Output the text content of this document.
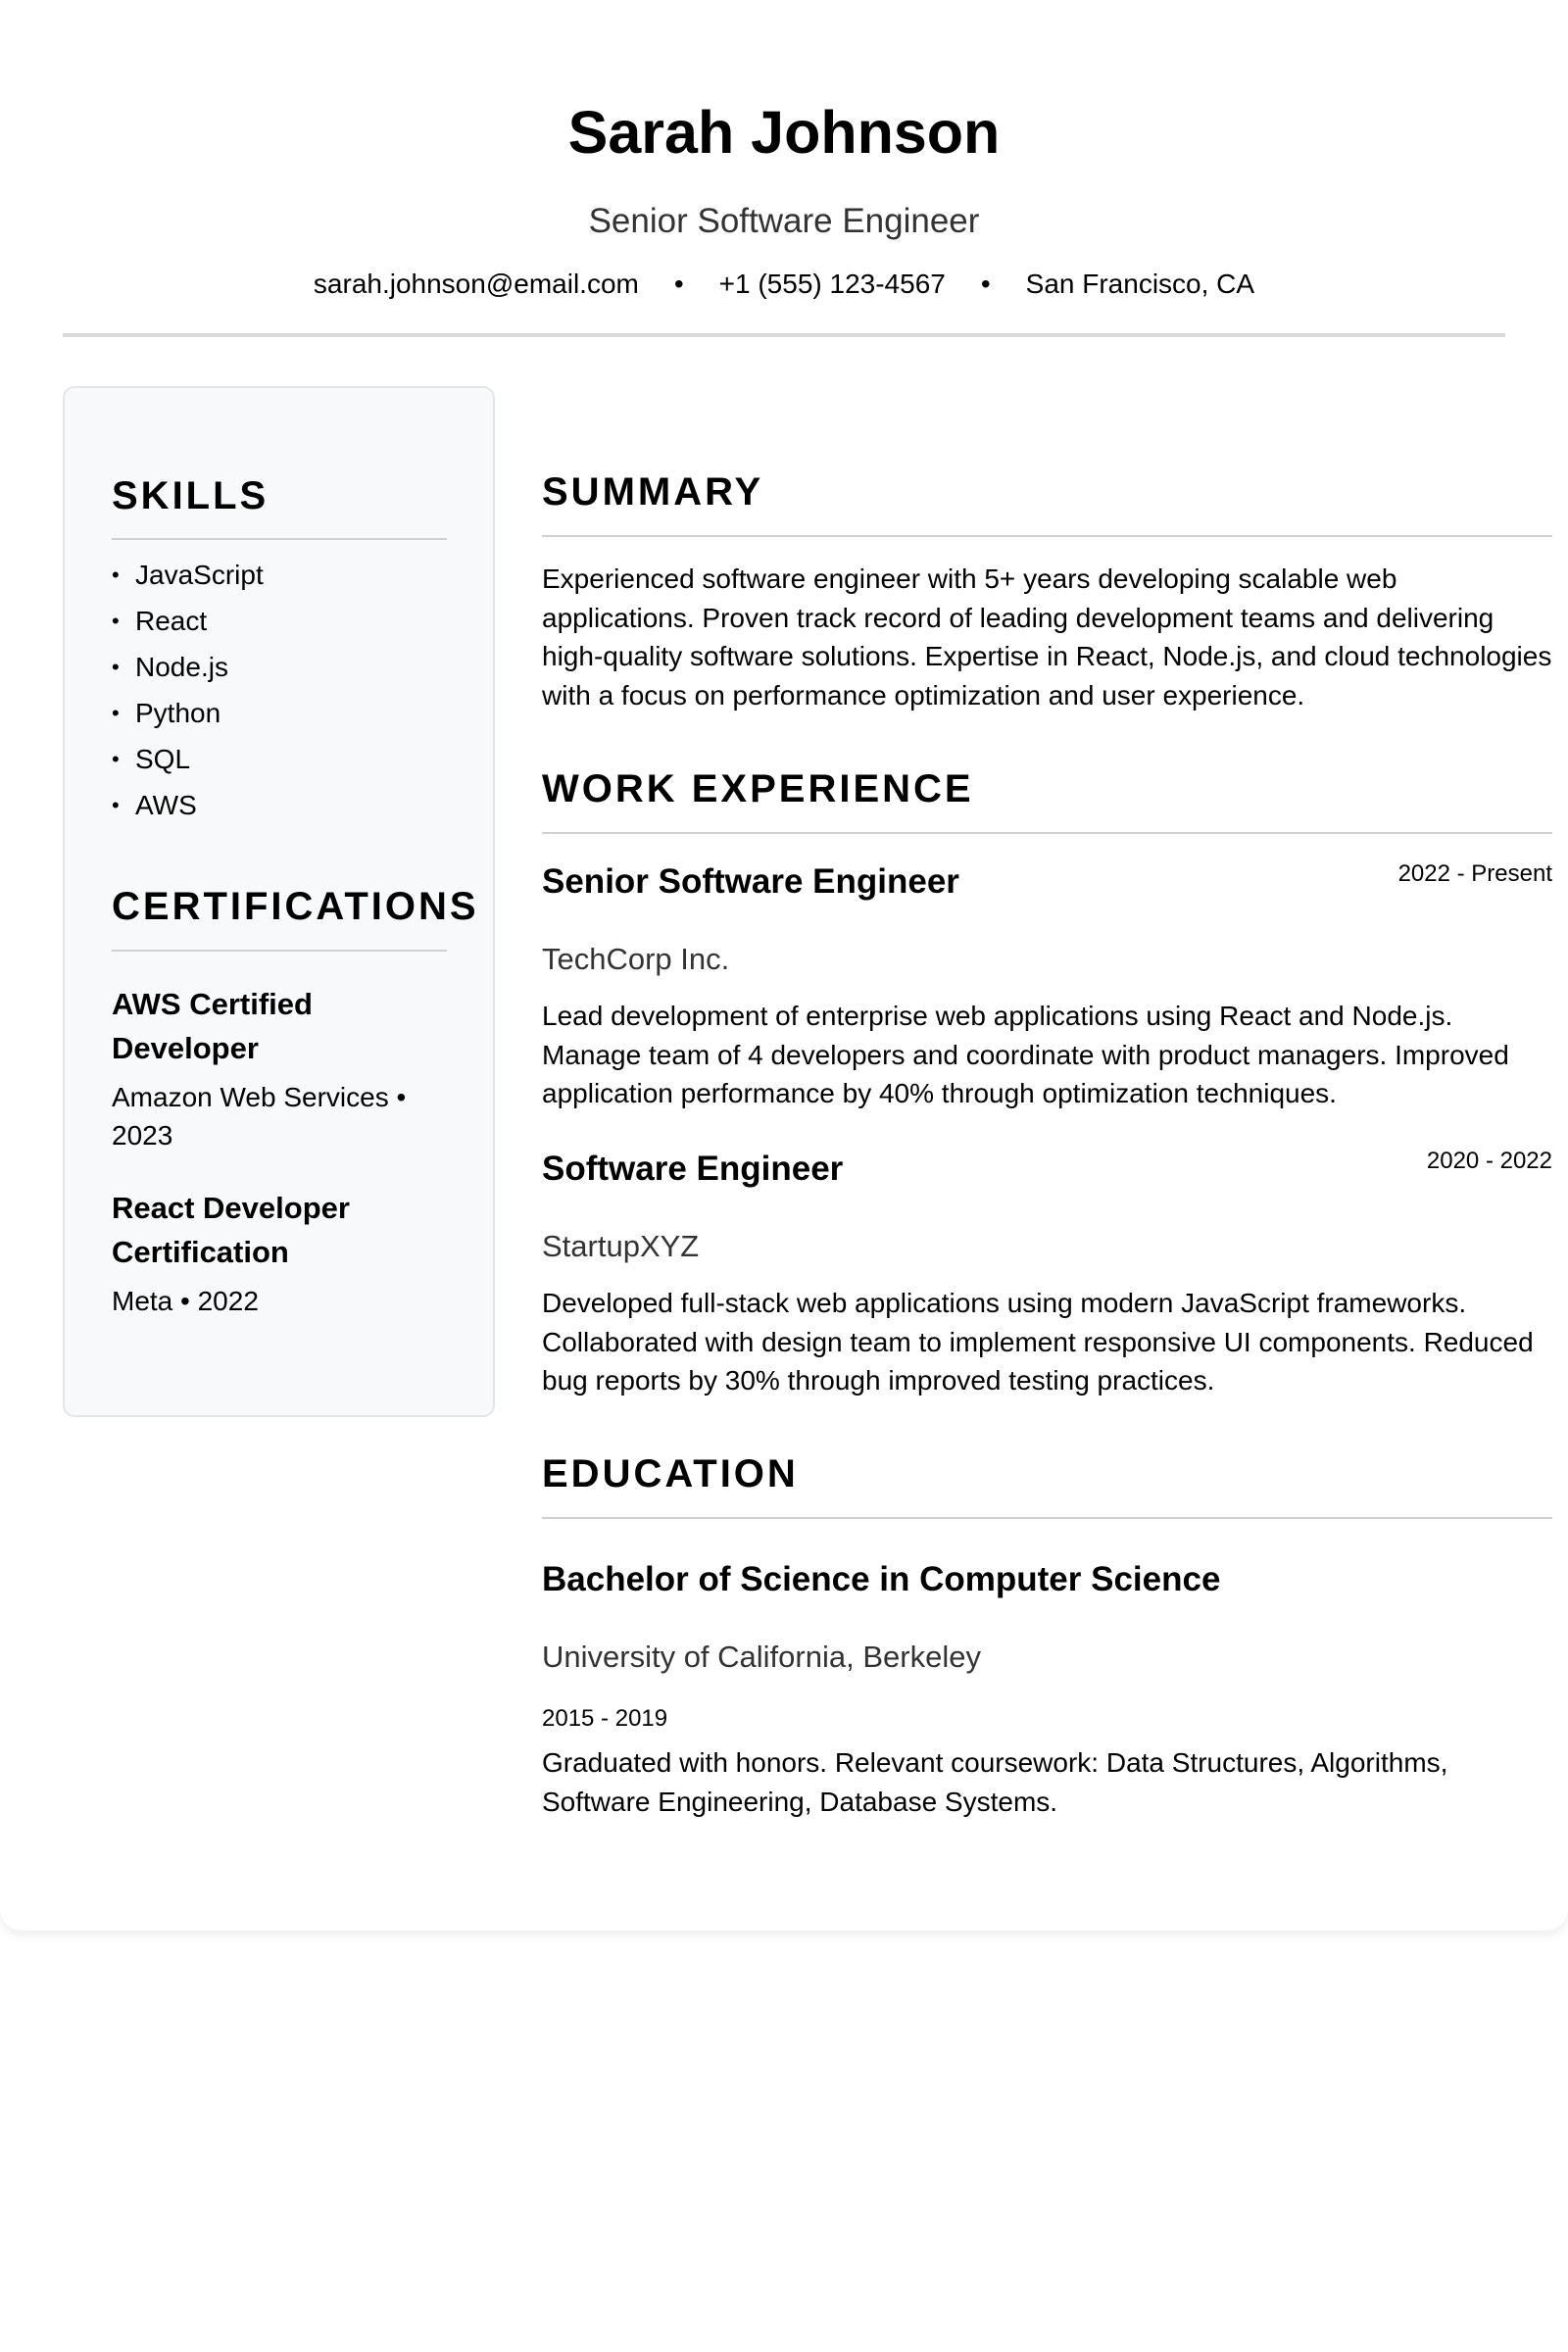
Sarah Johnson
Senior Software Engineer
sarah.johnson@email.com • +1 (555) 123-4567 • San Francisco, CA
SKILLS
• JavaScript
• React
• Node.js
• Python
• SQL
• AWS
CERTIFICATIONS
AWS Certified Developer
Amazon Web Services • 2023
React Developer Certification
Meta • 2022
SUMMARY
Experienced software engineer with 5+ years developing scalable web applications. Proven track record of leading development teams and delivering high-quality software solutions. Expertise in React, Node.js, and cloud technologies with a focus on performance optimization and user experience.
WORK EXPERIENCE
Senior Software Engineer	2022 - Present
TechCorp Inc.
Lead development of enterprise web applications using React and Node.js. Manage team of 4 developers and coordinate with product managers. Improved application performance by 40% through optimization techniques.
Software Engineer	2020 - 2022
StartupXYZ
Developed full-stack web applications using modern JavaScript frameworks. Collaborated with design team to implement responsive UI components. Reduced bug reports by 30% through improved testing practices.
EDUCATION
Bachelor of Science in Computer Science
University of California, Berkeley
2015 - 2019
Graduated with honors. Relevant coursework: Data Structures, Algorithms, Software Engineering, Database Systems.
